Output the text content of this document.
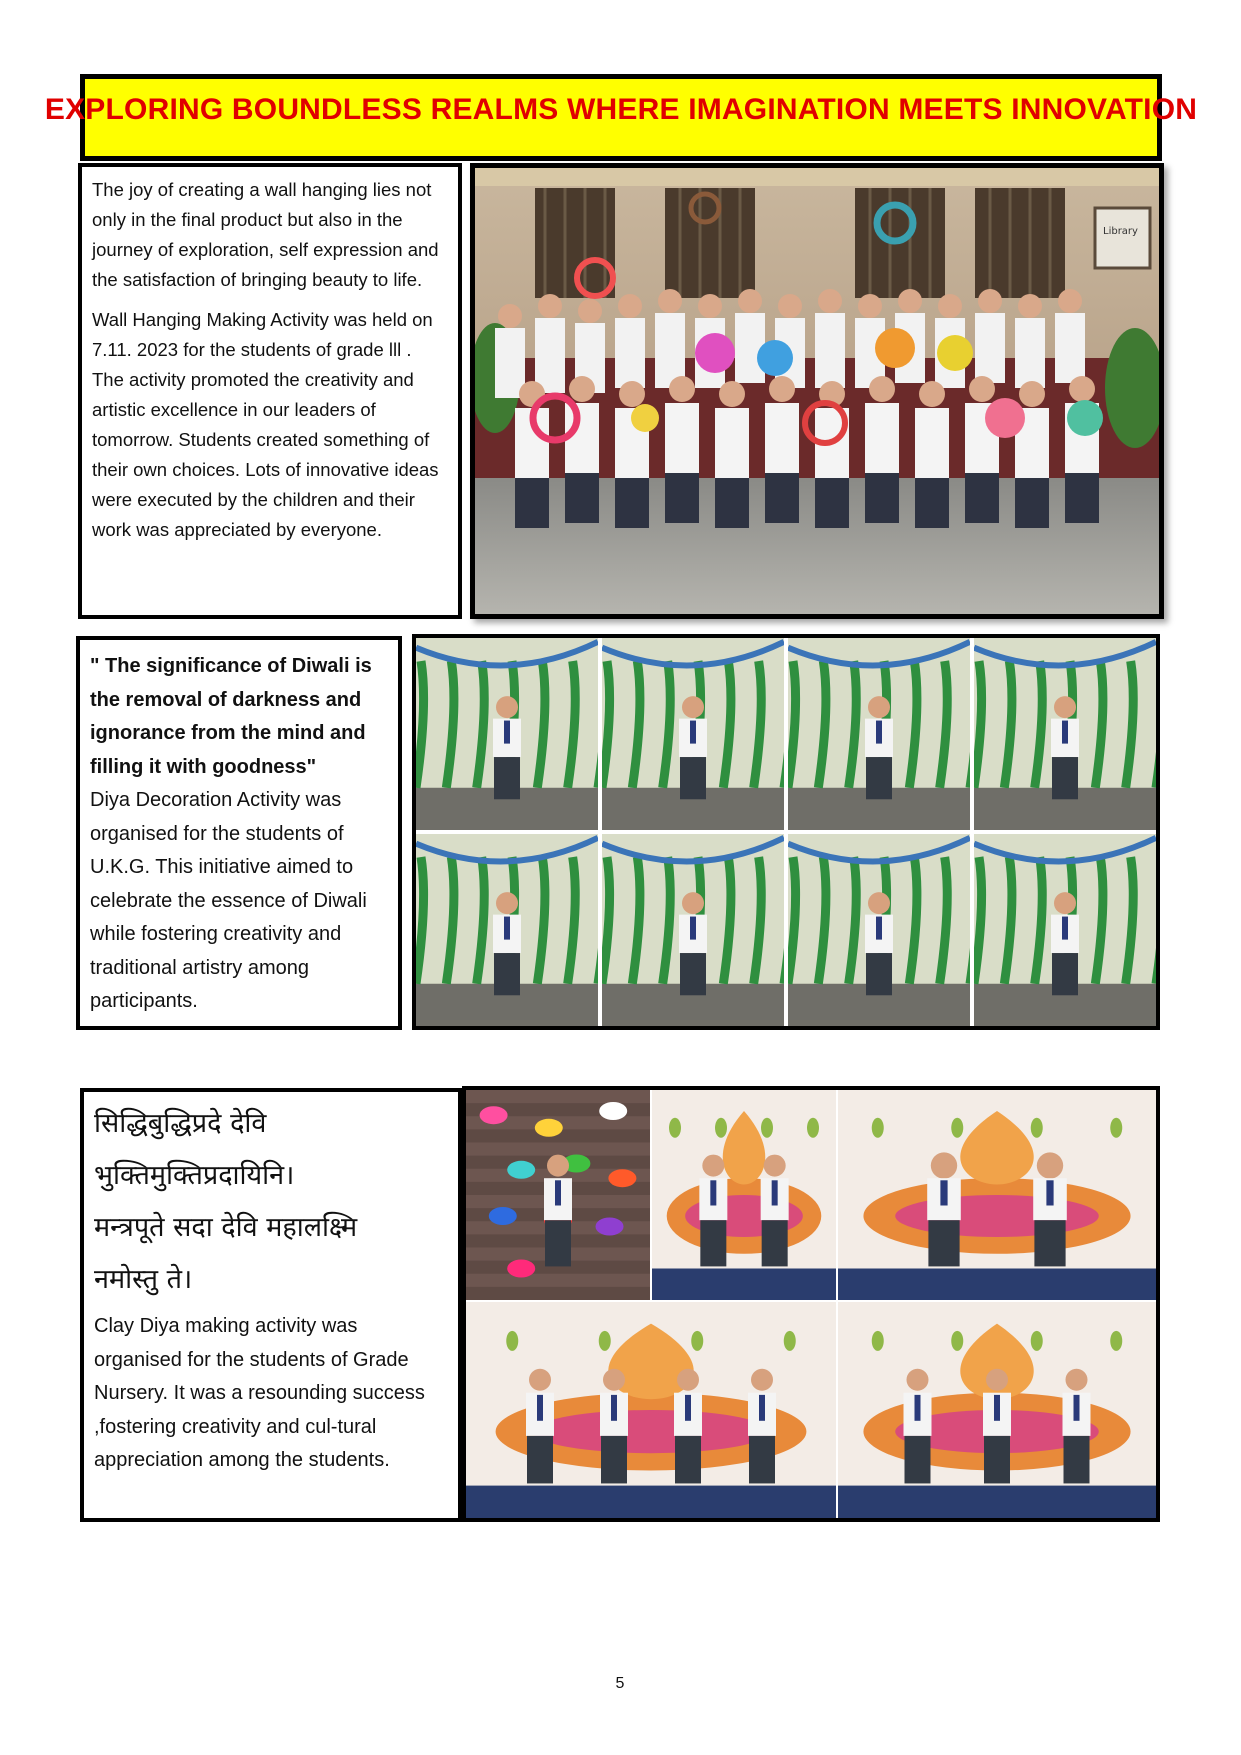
EXPLORING BOUNDLESS REALMS WHERE IMAGINATION MEETS INNOVATION

The joy of creating a wall hanging lies not only in the final product but also in the journey of exploration, self expression and the satisfaction of bringing beauty to life.

Wall Hanging Making Activity was held on 7.11. 2023 for the students of grade lll . The activity promoted the creativity and artistic excellence in our leaders of tomorrow. Students created something of their own choices. Lots of innovative ideas were executed by the children and their work was appreciated by everyone.

Library
" The significance of Diwali is the removal of darkness and ignorance from the mind and filling it with goodness"
Diya Decoration Activity was organised for the students of U.K.G. This initiative aimed to celebrate the essence of Diwali while fostering creativity and traditional artistry among participants.

सिद्धिबुद्धिप्रदे देवि

भुक्तिमुक्तिप्रदायिनि।

मन्त्रपूते सदा देवि महालक्ष्मि

नमोस्तु ते।

Clay Diya making activity was organised for the students of Grade Nursery. It was a resounding success ,fostering creativity and cul-tural appreciation among the students.
5
